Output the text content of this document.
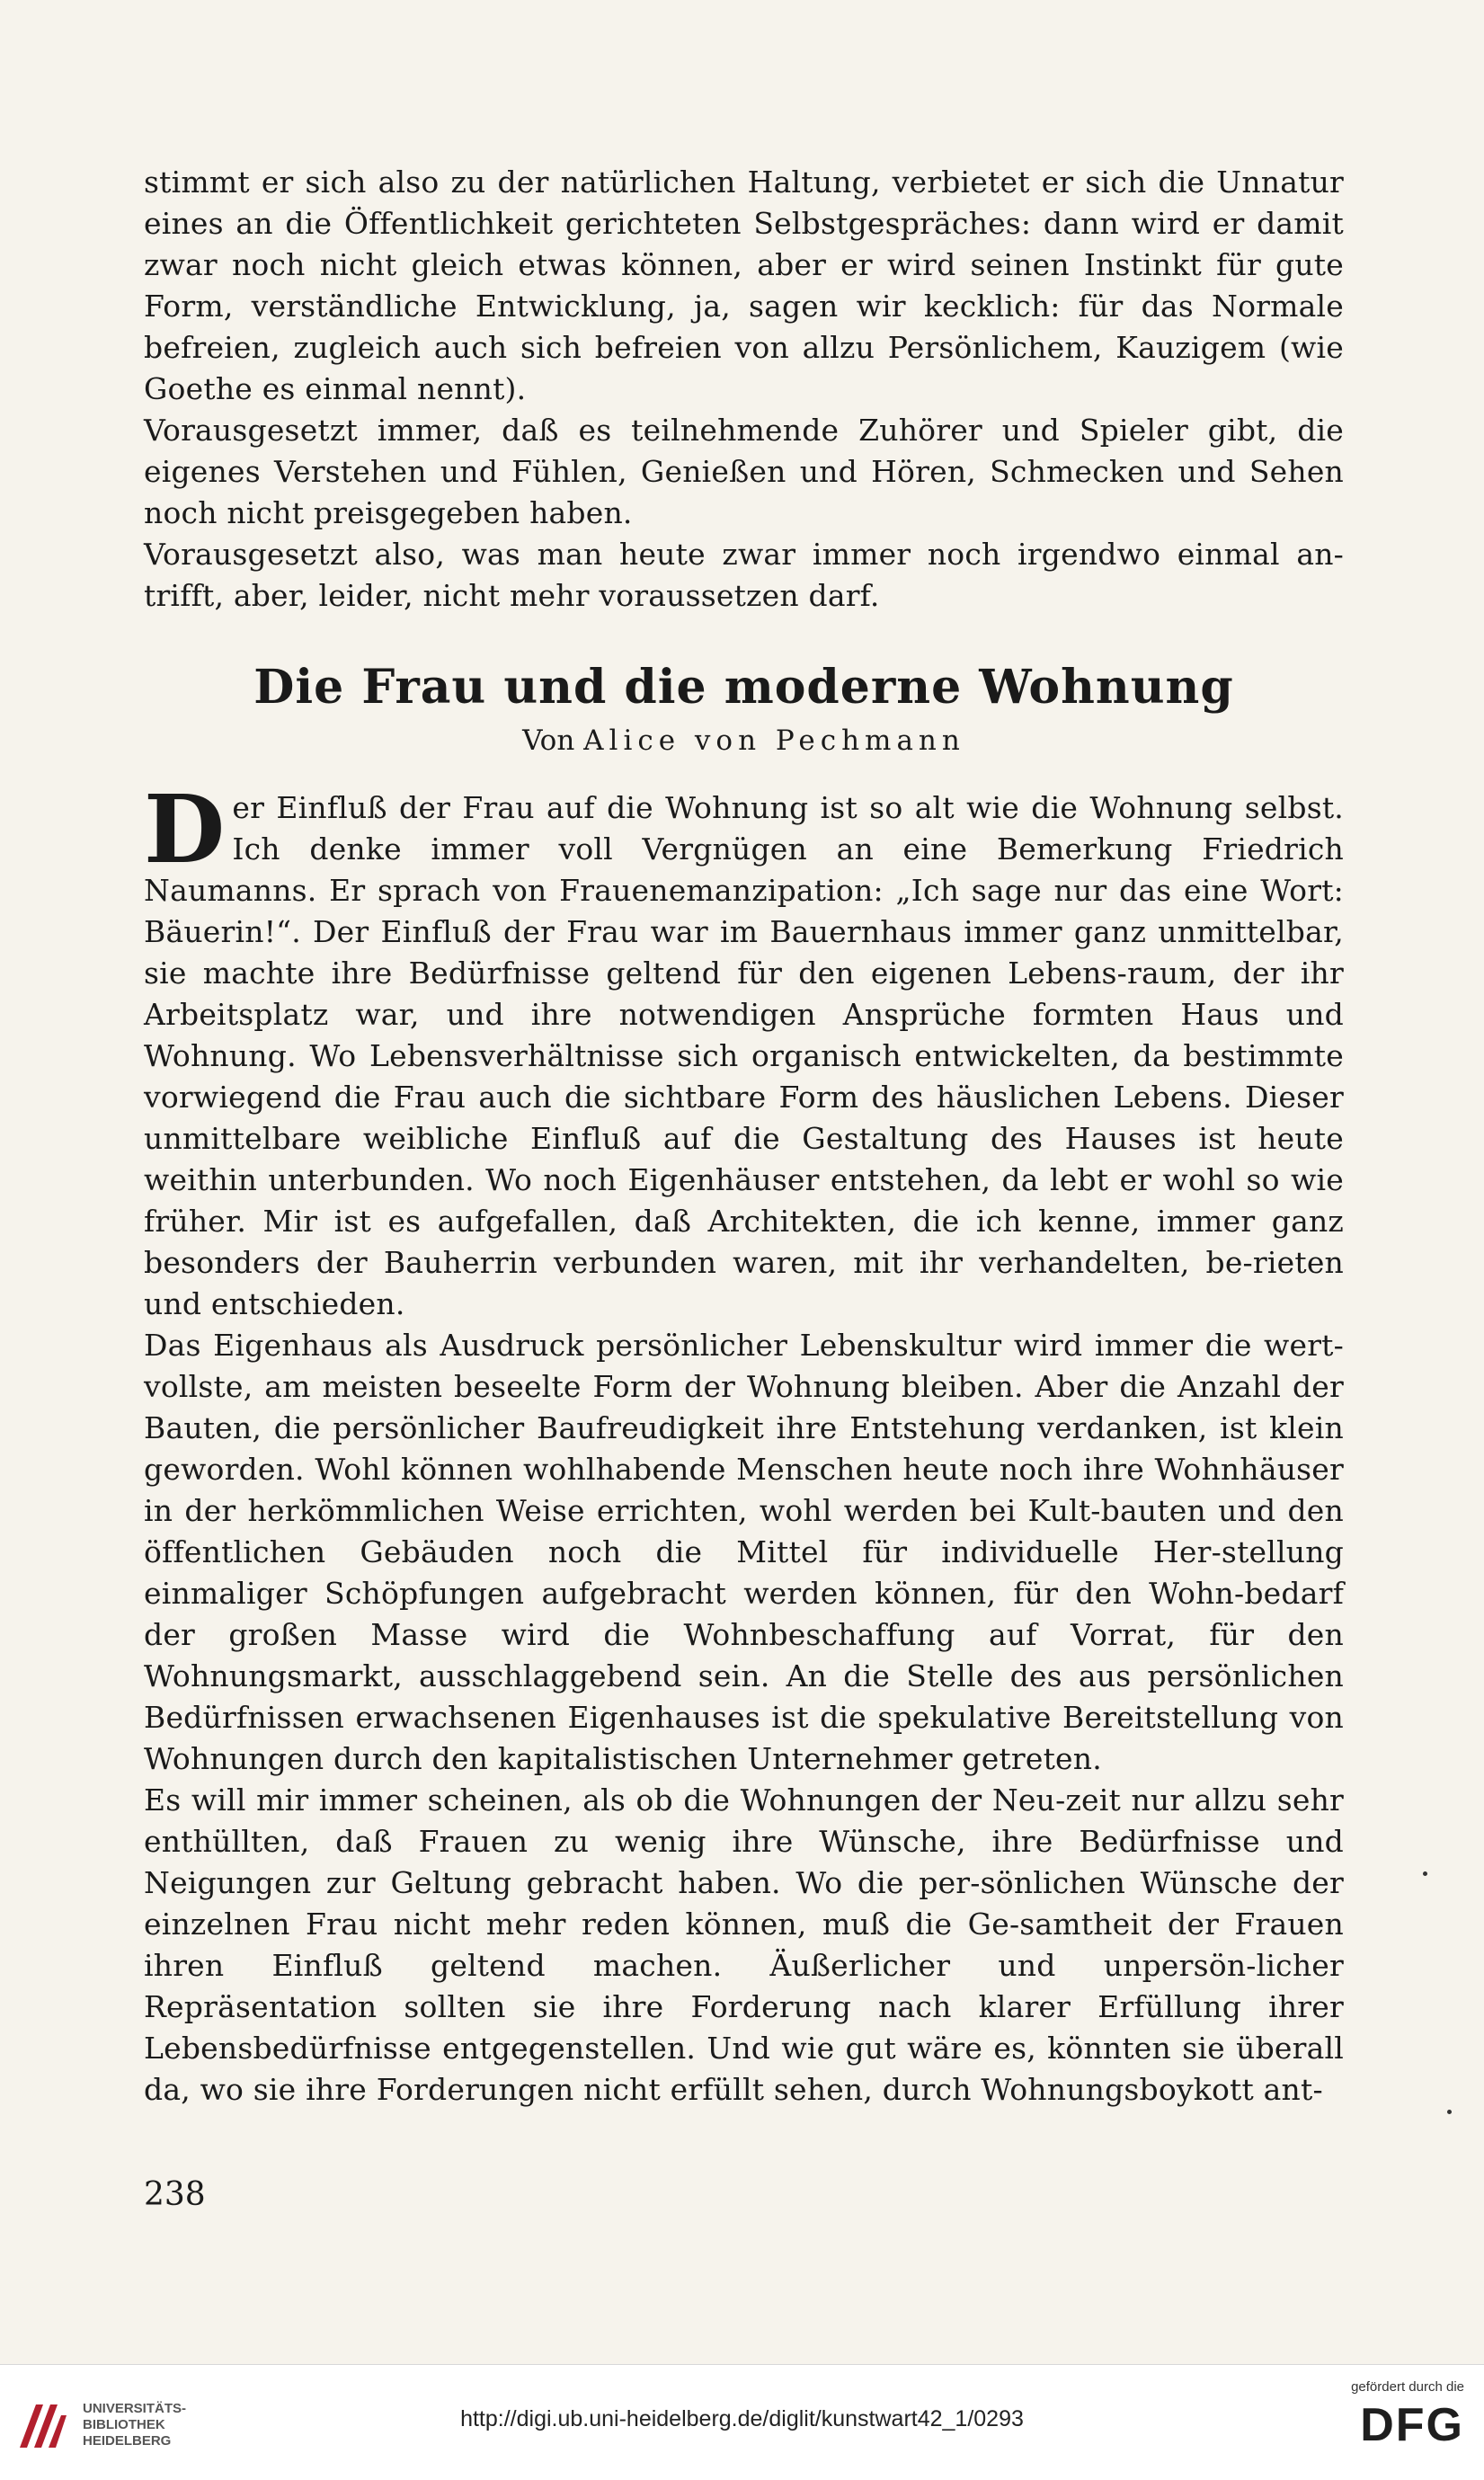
stimmt er sich also zu der natürlichen Haltung, verbietet er sich die Unnatur eines an die Öffentlichkeit gerichteten Selbstgespräches: dann wird er damit zwar noch nicht gleich etwas können, aber er wird seinen Instinkt für gute Form, verständliche Entwicklung, ja, sagen wir kecklich: für das Normale befreien, zugleich auch sich befreien von allzu Persönlichem, Kauzigem (wie Goethe es einmal nennt).

Vorausgesetzt immer, daß es teilnehmende Zuhörer und Spieler gibt, die eigenes Verstehen und Fühlen, Genießen und Hören, Schmecken und Sehen noch nicht preisgegeben haben.

Vorausgesetzt also, was man heute zwar immer noch irgendwo einmal an-trifft, aber, leider, nicht mehr voraussetzen darf.

Die Frau und die moderne Wohnung
Von Alice von Pechmann

Der Einfluß der Frau auf die Wohnung ist so alt wie die Wohnung selbst. Ich denke immer voll Vergnügen an eine Bemerkung Friedrich Naumanns. Er sprach von Frauenemanzipation: „Ich sage nur das eine Wort: Bäuerin!“. Der Einfluß der Frau war im Bauernhaus immer ganz unmittelbar, sie machte ihre Bedürfnisse geltend für den eigenen Lebens-raum, der ihr Arbeitsplatz war, und ihre notwendigen Ansprüche formten Haus und Wohnung. Wo Lebensverhältnisse sich organisch entwickelten, da bestimmte vorwiegend die Frau auch die sichtbare Form des häuslichen Lebens. Dieser unmittelbare weibliche Einfluß auf die Gestaltung des Hauses ist heute weithin unterbunden. Wo noch Eigenhäuser entstehen, da lebt er wohl so wie früher. Mir ist es aufgefallen, daß Architekten, die ich kenne, immer ganz besonders der Bauherrin verbunden waren, mit ihr verhandelten, be-rieten und entschieden.

Das Eigenhaus als Ausdruck persönlicher Lebenskultur wird immer die wert-vollste, am meisten beseelte Form der Wohnung bleiben. Aber die Anzahl der Bauten, die persönlicher Baufreudigkeit ihre Entstehung verdanken, ist klein geworden. Wohl können wohlhabende Menschen heute noch ihre Wohnhäuser in der herkömmlichen Weise errichten, wohl werden bei Kult-bauten und den öffentlichen Gebäuden noch die Mittel für individuelle Her-stellung einmaliger Schöpfungen aufgebracht werden können, für den Wohn-bedarf der großen Masse wird die Wohnbeschaffung auf Vorrat, für den Wohnungsmarkt, ausschlaggebend sein. An die Stelle des aus persönlichen Bedürfnissen erwachsenen Eigenhauses ist die spekulative Bereitstellung von Wohnungen durch den kapitalistischen Unternehmer getreten.

Es will mir immer scheinen, als ob die Wohnungen der Neu-zeit nur allzu sehr enthüllten, daß Frauen zu wenig ihre Wünsche, ihre Bedürfnisse und Neigungen zur Geltung gebracht haben. Wo die per-sönlichen Wünsche der einzelnen Frau nicht mehr reden können, muß die Ge-samtheit der Frauen ihren Einfluß geltend machen. Äußerlicher und unpersön-licher Repräsentation sollten sie ihre Forderung nach klarer Erfüllung ihrer Lebensbedürfnisse entgegenstellen. Und wie gut wäre es, könnten sie überall da, wo sie ihre Forderungen nicht erfüllt sehen, durch Wohnungsboykott ant-

238
UNIVERSITÄTS-
BIBLIOTHEK
HEIDELBERG
http://digi.ub.uni-heidelberg.de/diglit/kunstwart42_1/0293
gefördert durch die
DFG
